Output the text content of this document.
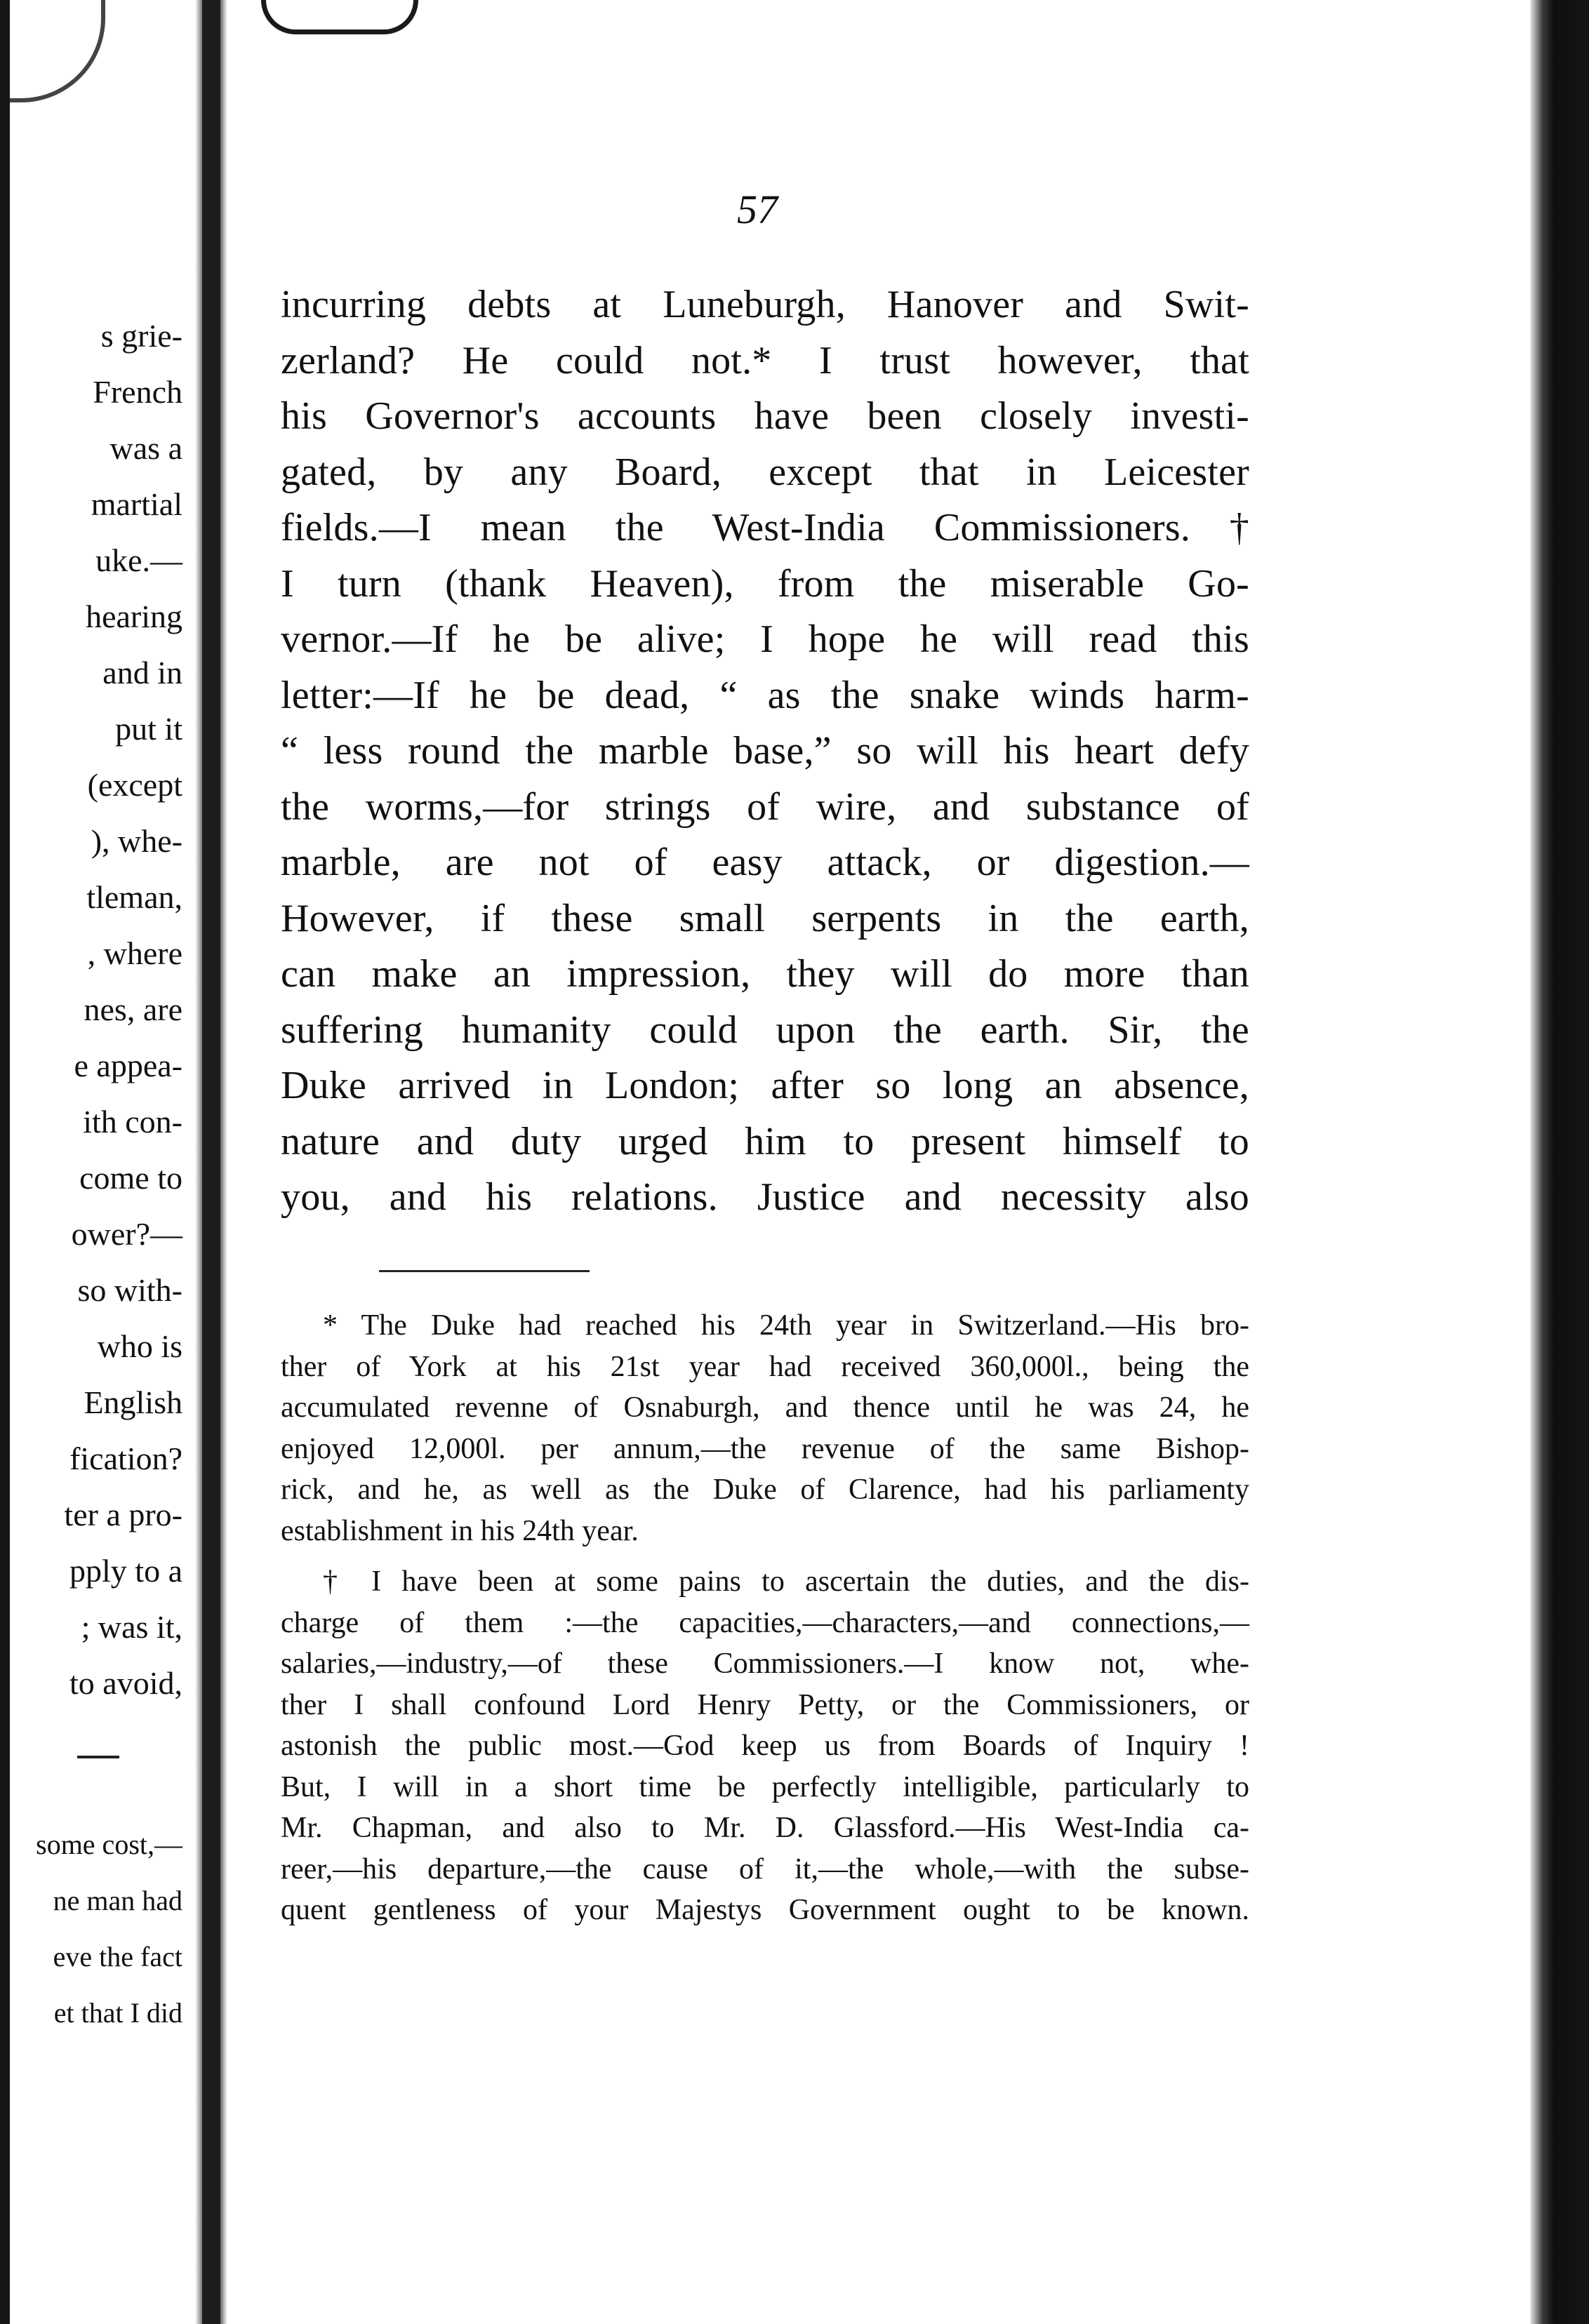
s grie-
French
was a
martial
uke.—
hearing
and in
put it
(except
), whe-
tleman,
, where
nes, are
e appea-
ith con-
come to
ower?—
so with-
who is
English
fication?
ter a pro-
pply to a
; was it,
to avoid,
some cost,—
ne man had
eve the fact
et that I did
57
incurring debts at Luneburgh, Hanover and Swit-
zerland? He could not.* I trust however, that
his Governor's accounts have been closely investi-
gated, by any Board, except that in Leicester
fields.—I mean the West-India Commissioners.†
I turn (thank Heaven), from the miserable Go-
vernor.—If he be alive; I hope he will read this
letter:—If he be dead, “ as the snake winds harm-
“ less round the marble base,” so will his heart defy
the worms,—for strings of wire, and substance of
marble, are not of easy attack, or digestion.—
However, if these small serpents in the earth,
can make an impression, they will do more than
suffering humanity could upon the earth. Sir, the
Duke arrived in London; after so long an absence,
nature and duty urged him to present himself to
you, and his relations. Justice and necessity also
* The Duke had reached his 24th year in Switzerland.—His bro-
ther of York at his 21st year had received 360,000l., being the
accumulated revenne of Osnaburgh, and thence until he was 24, he
enjoyed 12,000l. per annum,—the revenue of the same Bishop-
rick, and he, as well as the Duke of Clarence, had his parliamenty
establishment in his 24th year.
† I have been at some pains to ascertain the duties, and the dis-
charge of them :—the capacities,—characters,—and connections,—
salaries,—industry,—of these Commissioners.—I know not, whe-
ther I shall confound Lord Henry Petty, or the Commissioners, or
astonish the public most.—God keep us from Boards of Inquiry !
But, I will in a short time be perfectly intelligible, particularly to
Mr. Chapman, and also to Mr. D. Glassford.—His West-India ca-
reer,—his departure,—the cause of it,—the whole,—with the subse-
quent gentleness of your Majestys Government ought to be known.
